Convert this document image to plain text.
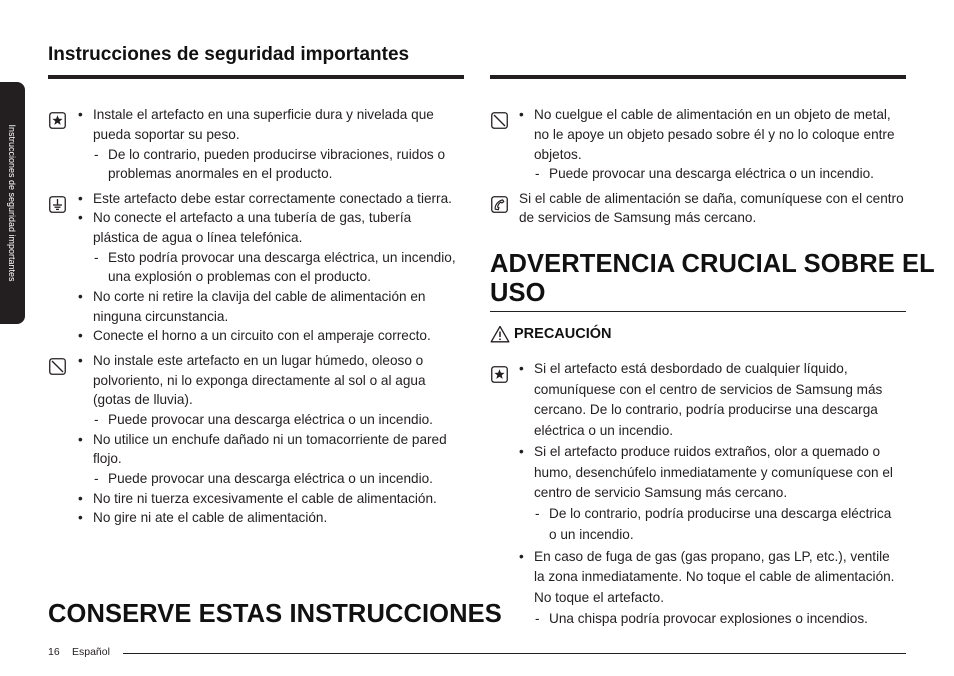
Instrucciones de seguridad importantes
Instrucciones de seguridad importantes
• Instale el artefacto en una superficie dura y nivelada que
pueda soportar su peso.
- De lo contrario, pueden producirse vibraciones, ruidos o
problemas anormales en el producto.
• Este artefacto debe estar correctamente conectado a tierra.
• No conecte el artefacto a una tubería de gas, tubería
plástica de agua o línea telefónica.
- Esto podría provocar una descarga eléctrica, un incendio,
una explosión o problemas con el producto.
• No corte ni retire la clavija del cable de alimentación en
ninguna circunstancia.
• Conecte el horno a un circuito con el amperaje correcto.
• No instale este artefacto en un lugar húmedo, oleoso o
polvoriento, ni lo exponga directamente al sol o al agua
(gotas de lluvia).
- Puede provocar una descarga eléctrica o un incendio.
• No utilice un enchufe dañado ni un tomacorriente de pared
flojo.
- Puede provocar una descarga eléctrica o un incendio.
• No tire ni tuerza excesivamente el cable de alimentación.
• No gire ni ate el cable de alimentación.
CONSERVE ESTAS INSTRUCCIONES
• No cuelgue el cable de alimentación en un objeto de metal,
no le apoye un objeto pesado sobre él y no lo coloque entre
objetos.
- Puede provocar una descarga eléctrica o un incendio.
Si el cable de alimentación se daña, comuníquese con el centro
de servicios de Samsung más cercano.
ADVERTENCIA CRUCIAL SOBRE EL
USO
PRECAUCIÓN
• Si el artefacto está desbordado de cualquier líquido,
comuníquese con el centro de servicios de Samsung más
cercano. De lo contrario, podría producirse una descarga
eléctrica o un incendio.
• Si el artefacto produce ruidos extraños, olor a quemado o
humo, desenchúfelo inmediatamente y comuníquese con el
centro de servicio Samsung más cercano.
- De lo contrario, podría producirse una descarga eléctrica
o un incendio.
• En caso de fuga de gas (gas propano, gas LP, etc.), ventile
la zona inmediatamente. No toque el cable de alimentación.
No toque el artefacto.
- Una chispa podría provocar explosiones o incendios.
16 Español
